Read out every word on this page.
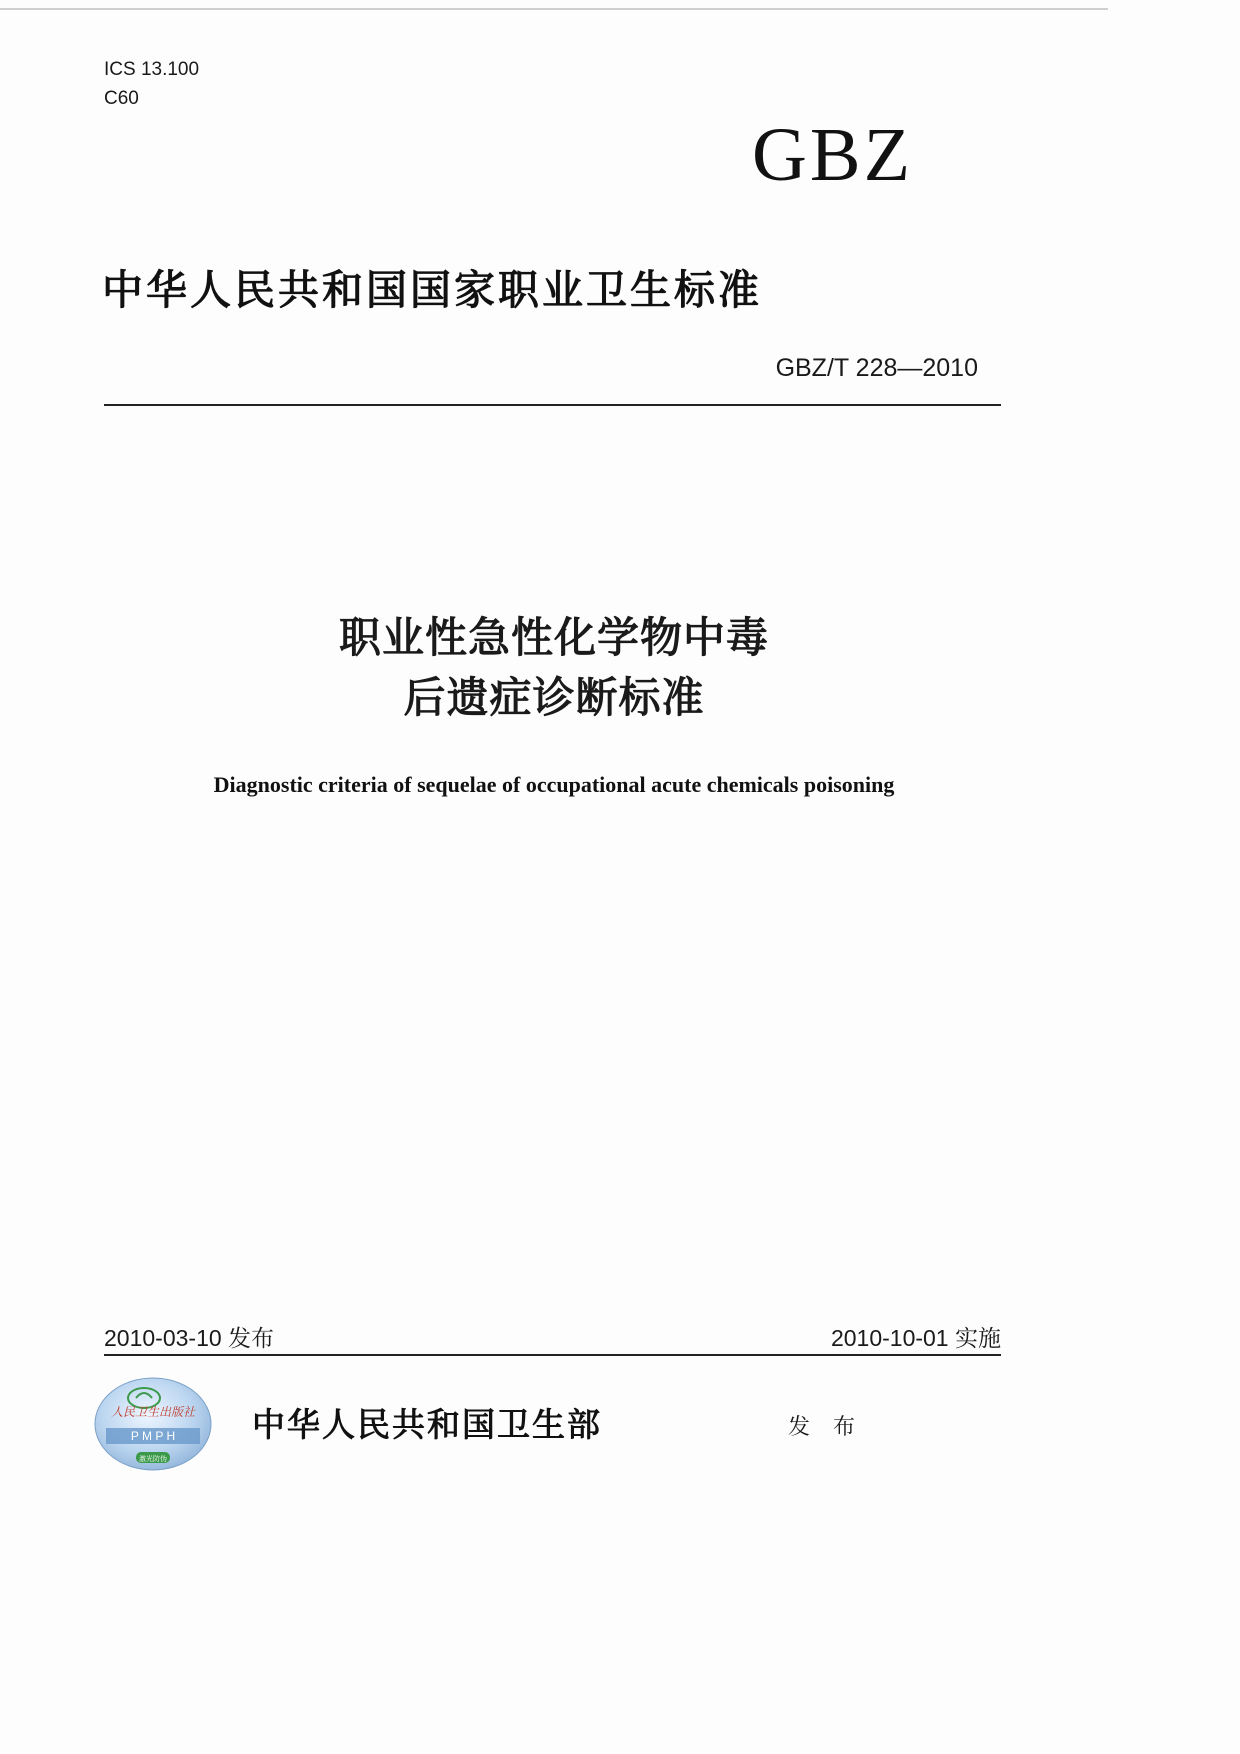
ICS 13.100
C60
GBZ
中华人民共和国国家职业卫生标准
GBZ/T 228—2010
职业性急性化学物中毒
后遗症诊断标准
Diagnostic criteria of sequelae of occupational acute chemicals poisoning
2010-03-10 发布	2010-10-01 实施
人民卫生出版社
P M P H
激光防伪
中华人民共和国卫生部	发 布
